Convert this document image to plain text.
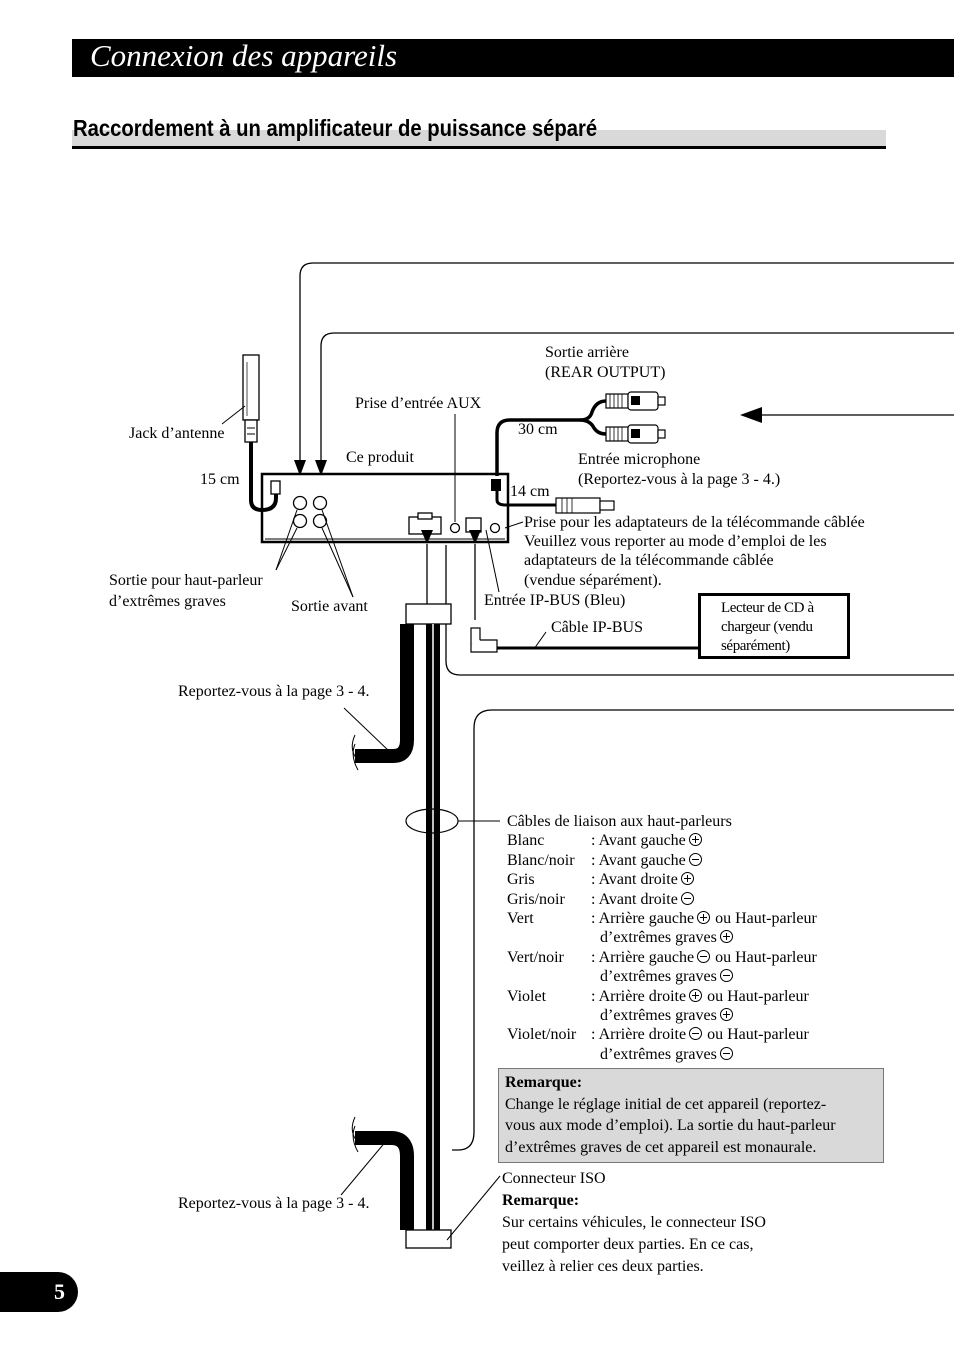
Connexion des appareils
Raccordement à un amplificateur de puissance séparé
Jack d’antenne
15 cm
Ce produit
Prise d’entrée AUX
Sortie arrière
(REAR OUTPUT)
30 cm
14 cm
Entrée microphone
(Reportez-vous à la page 3 - 4.)
Prise pour les adaptateurs de la télécommande câblée
Veuillez vous reporter au mode d’emploi de les
adaptateurs de la télécommande câblée
(vendue séparément).
Sortie pour haut-parleur
d’extrêmes graves	Sortie avant	Entrée IP-BUS (Bleu)
Câble IP-BUS
Lecteur de CD à
chargeur (vendu
séparément)
Reportez-vous à la page 3 - 4.
Reportez-vous à la page 3 - 4.
Câbles de liaison aux haut-parleurs
Blanc	: Avant gauche
Blanc/noir	: Avant gauche
Gris	: Avant droite
Gris/noir	: Avant droite
Vert	: Arrière gauche ou Haut-parleur
d’extrêmes graves
Vert/noir	: Arrière gauche ou Haut-parleur
d’extrêmes graves
Violet	: Arrière droite ou Haut-parleur
d’extrêmes graves
Violet/noir : Arrière droite ou Haut-parleur
d’extrêmes graves
Remarque:
Change le réglage initial de cet appareil (reportez-
vous aux mode d’emploi). La sortie du haut-parleur
d’extrêmes graves de cet appareil est monaurale.
Connecteur ISO
Remarque:
Sur certains véhicules, le connecteur ISO
peut comporter deux parties. En ce cas,
veillez à relier ces deux parties.
5
